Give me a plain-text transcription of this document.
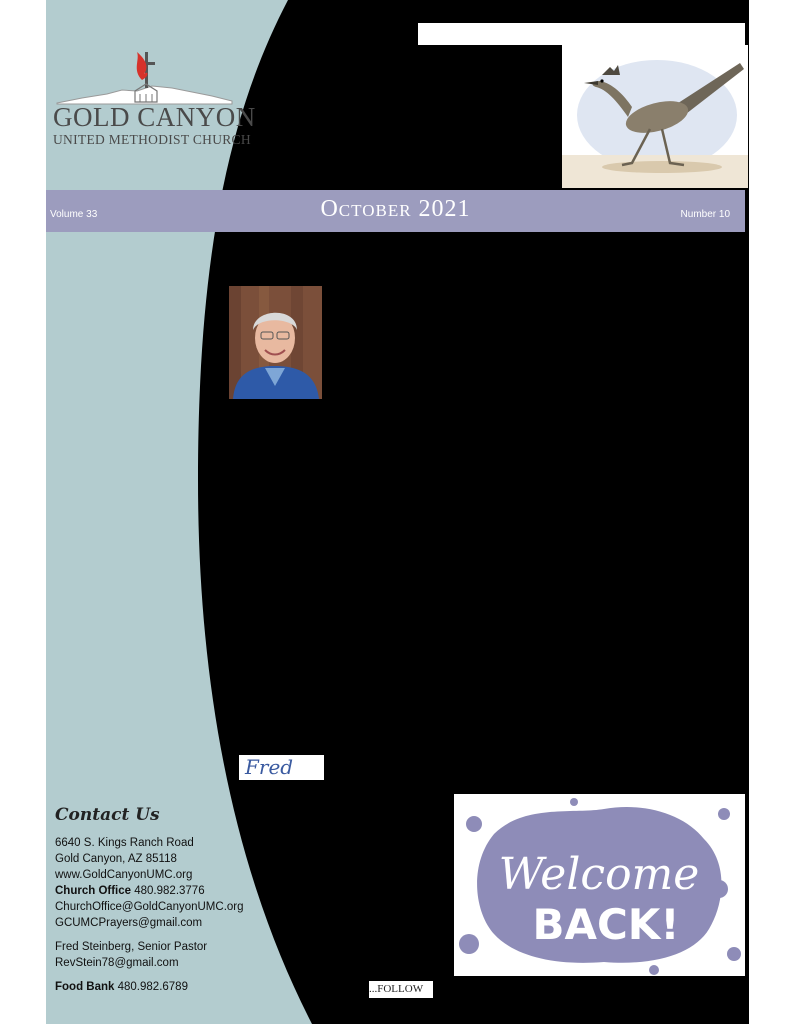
GOLD CANYON
UNITED METHODIST CHURCH
Volume 33	October 2021	Number 10
Fred
Contact Us
6640 S. Kings Ranch Road
Gold Canyon, AZ 85118
www.GoldCanyonUMC.org
Church Office 480.982.3776
ChurchOffice@GoldCanyonUMC.org
GCUMCPrayers@gmail.com
Fred Steinberg, Senior Pastor
RevStein78@gmail.com
Food Bank 480.982.6789
Welcome
BACK!
...FOLLOW
